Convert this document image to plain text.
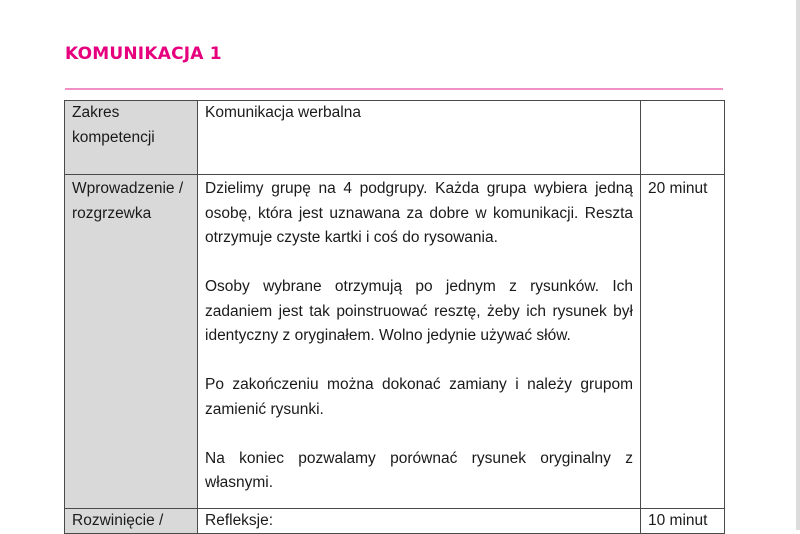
KOMUNIKACJA 1
Zakres kompetencji	Komunikacja werbalna	

Wprowadzenie / rozgrzewka	Dzielimy grupę na 4 podgrupy. Każda grupa wybiera jedną osobę, która jest uznawana za dobre w komunikacji. Reszta otrzymuje czyste kartki i coś do rysowania.

Osoby wybrane otrzymują po jednym z rysunków. Ich zadaniem jest tak poinstruować resztę, żeby ich rysunek był identyczny z oryginałem. Wolno jedynie używać słów.

Po zakończeniu można dokonać zamiany i należy grupom zamienić rysunki.

Na koniec pozwalamy porównać rysunek oryginalny z własnymi.	20 minut
Rozwinięcie /	Refleksje:	10 minut
